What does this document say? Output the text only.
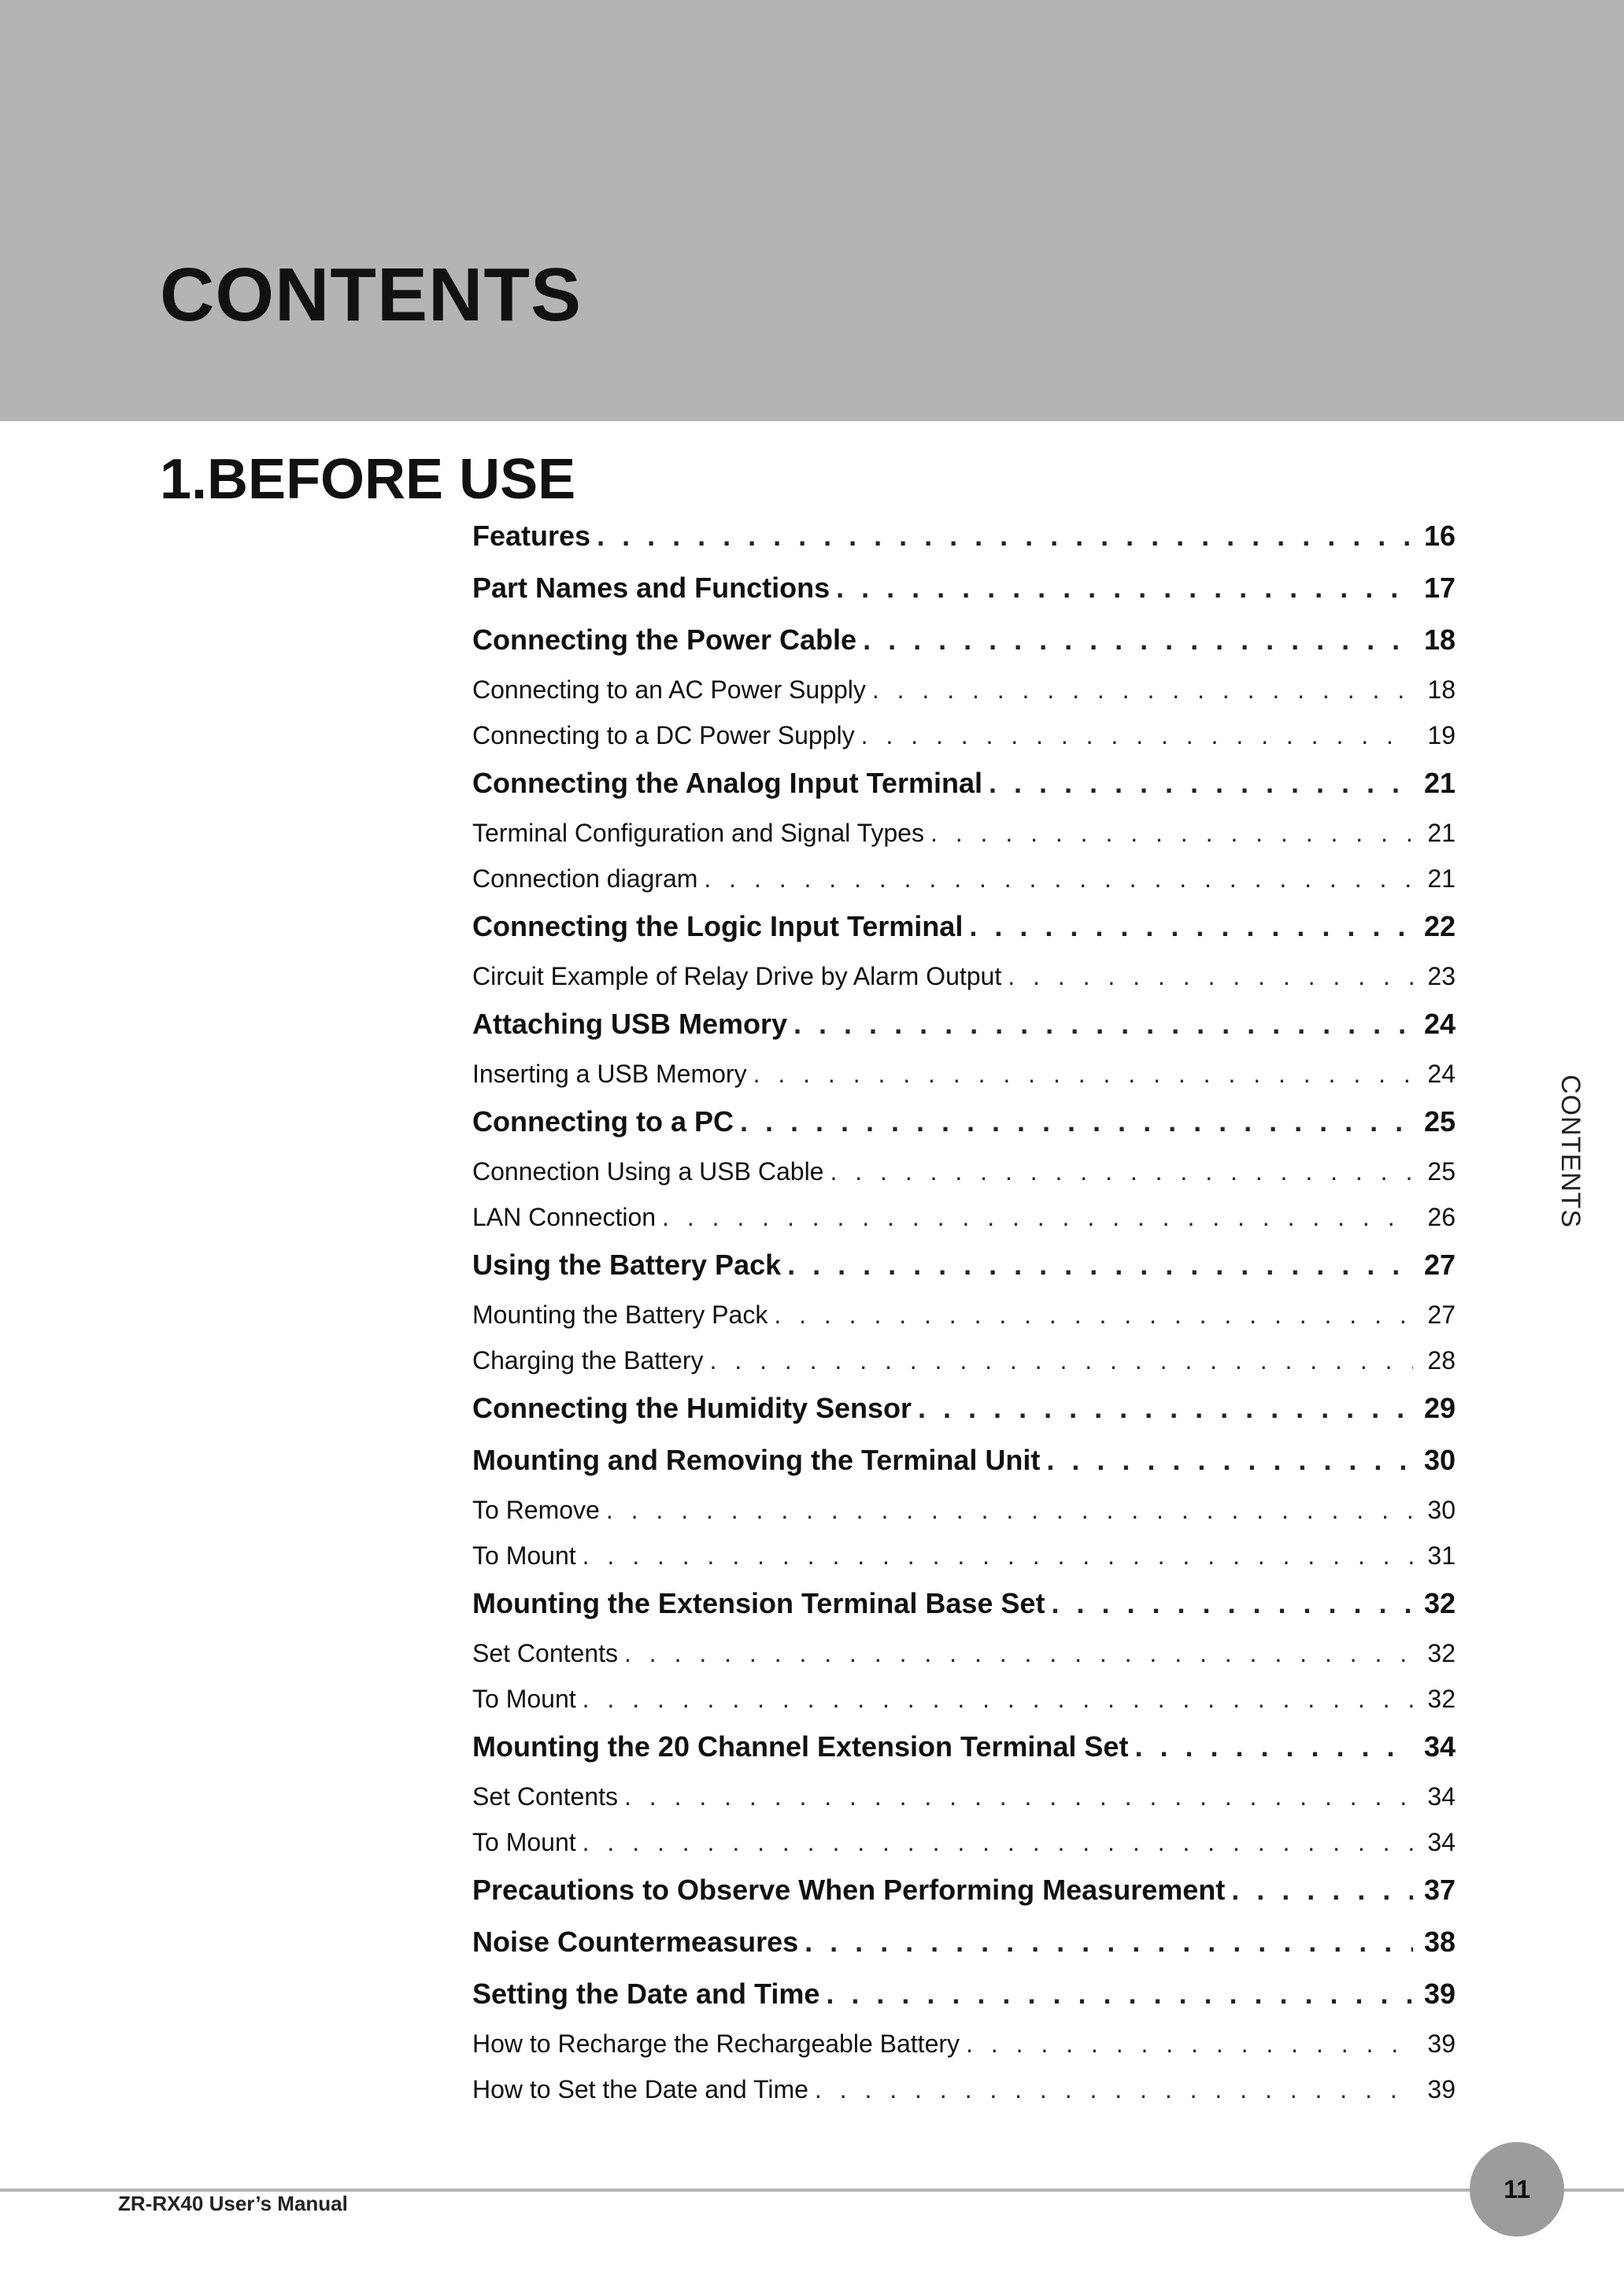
CONTENTS
1.BEFORE USE
Features . . .	16
Part Names and Functions . . .	17
Connecting the Power Cable . . .	18
Connecting to an AC Power Supply . . .	18
Connecting to a DC Power Supply . . .	19
Connecting the Analog Input Terminal . . .	21
Terminal Configuration and Signal Types . . .	21
Connection diagram . . .	21
Connecting the Logic Input Terminal . . .	22
Circuit Example of Relay Drive by Alarm Output . . .	23
Attaching USB Memory . . .	24
Inserting a USB Memory . . .	24
Connecting to a PC . . .	25
Connection Using a USB Cable . . .	25
LAN Connection . . .	26
Using the Battery Pack . . .	27
Mounting the Battery Pack . . .	27
Charging the Battery . . .	28
Connecting the Humidity Sensor . . .	29
Mounting and Removing the Terminal Unit . . .	30
To Remove . . .	30
To Mount . . .	31
Mounting the Extension Terminal Base Set . . .	32
Set Contents . . .	32
To Mount . . .	32
Mounting the 20 Channel Extension Terminal Set . . .	34
Set Contents . . .	34
To Mount . . .	34
Precautions to Observe When Performing Measurement . . .	37
Noise Countermeasures . . .	38
Setting the Date and Time . . .	39
How to Recharge the Rechargeable Battery . . .	39
How to Set the Date and Time . . .	39
CONTENTS
ZR-RX40 User’s Manual
11
